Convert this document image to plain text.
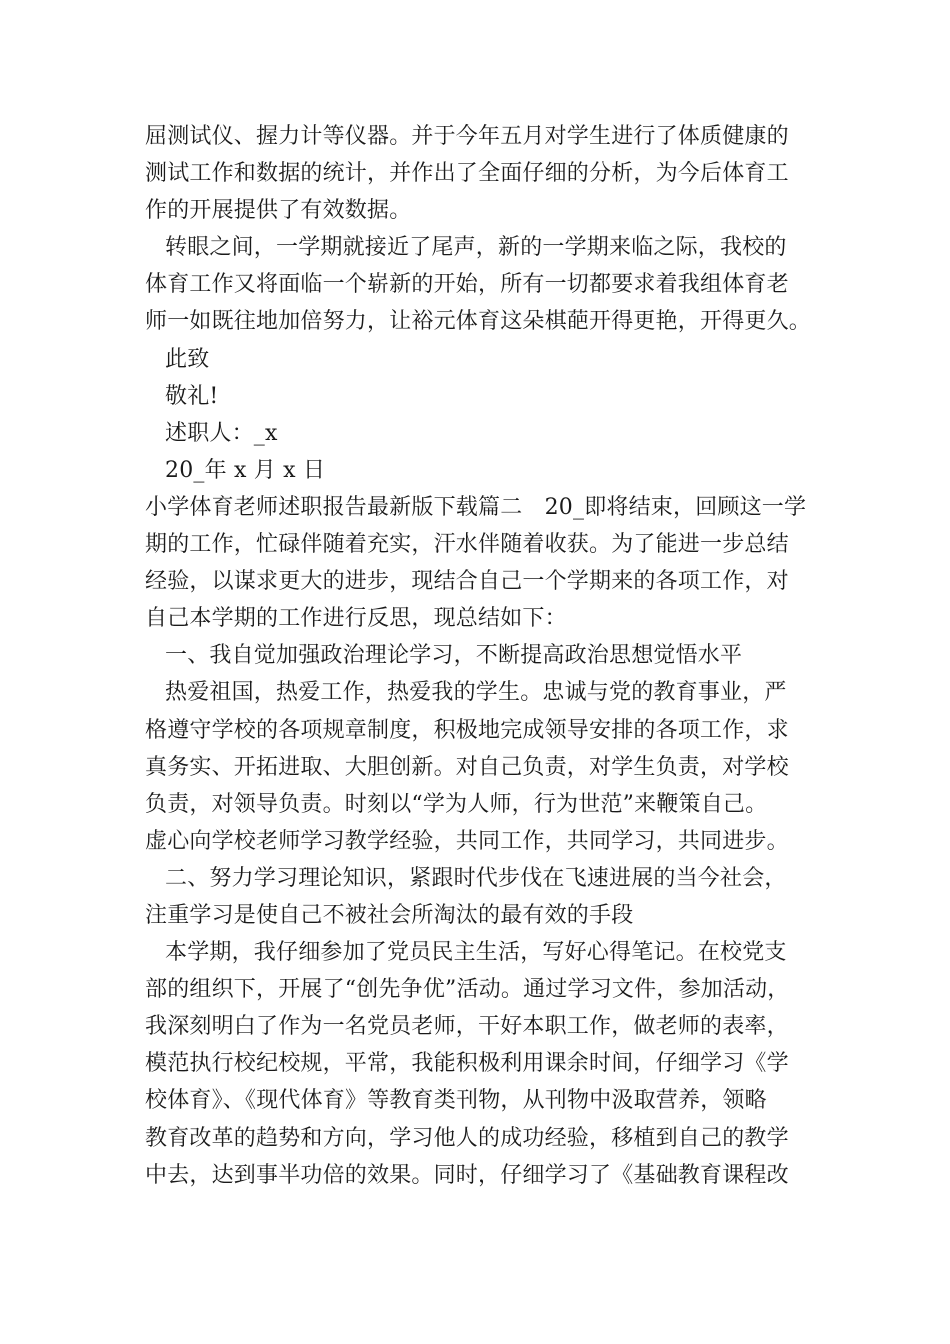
屈测试仪、握力计等仪器。并于今年五月对学生进行了体质健康的
测试工作和数据的统计，并作出了全面仔细的分析，为今后体育工
作的开展提供了有效数据。
转眼之间，一学期就接近了尾声，新的一学期来临之际，我校的
体育工作又将面临一个崭新的开始，所有一切都要求着我组体育老
师一如既往地加倍努力，让裕元体育这朵棋葩开得更艳，开得更久。
此致
敬礼!
述职人：_x
20_年 x 月 x 日
小学体育老师述职报告最新版下载篇二　20_即将结束，回顾这一学
期的工作，忙碌伴随着充实，汗水伴随着收获。为了能进一步总结
经验，以谋求更大的进步，现结合自己一个学期来的各项工作，对
自己本学期的工作进行反思，现总结如下：
一、我自觉加强政治理论学习，不断提高政治思想觉悟水平
热爱祖国，热爱工作，热爱我的学生。忠诚与党的教育事业，严
格遵守学校的各项规章制度，积极地完成领导安排的各项工作，求
真务实、开拓进取、大胆创新。对自己负责，对学生负责，对学校
负责，对领导负责。时刻以“学为人师，行为世范”来鞭策自己。
虚心向学校老师学习教学经验，共同工作，共同学习，共同进步。
二、努力学习理论知识，紧跟时代步伐在飞速进展的当今社会，
注重学习是使自己不被社会所淘汰的最有效的手段
本学期，我仔细参加了党员民主生活，写好心得笔记。在校党支
部的组织下，开展了“创先争优”活动。通过学习文件，参加活动，
我深刻明白了作为一名党员老师，干好本职工作，做老师的表率，
模范执行校纪校规，平常，我能积极利用课余时间，仔细学习《学
校体育》、《现代体育》等教育类刊物，从刊物中汲取营养，领略
教育改革的趋势和方向，学习他人的成功经验，移植到自己的教学
中去，达到事半功倍的效果。同时，仔细学习了《基础教育课程改
